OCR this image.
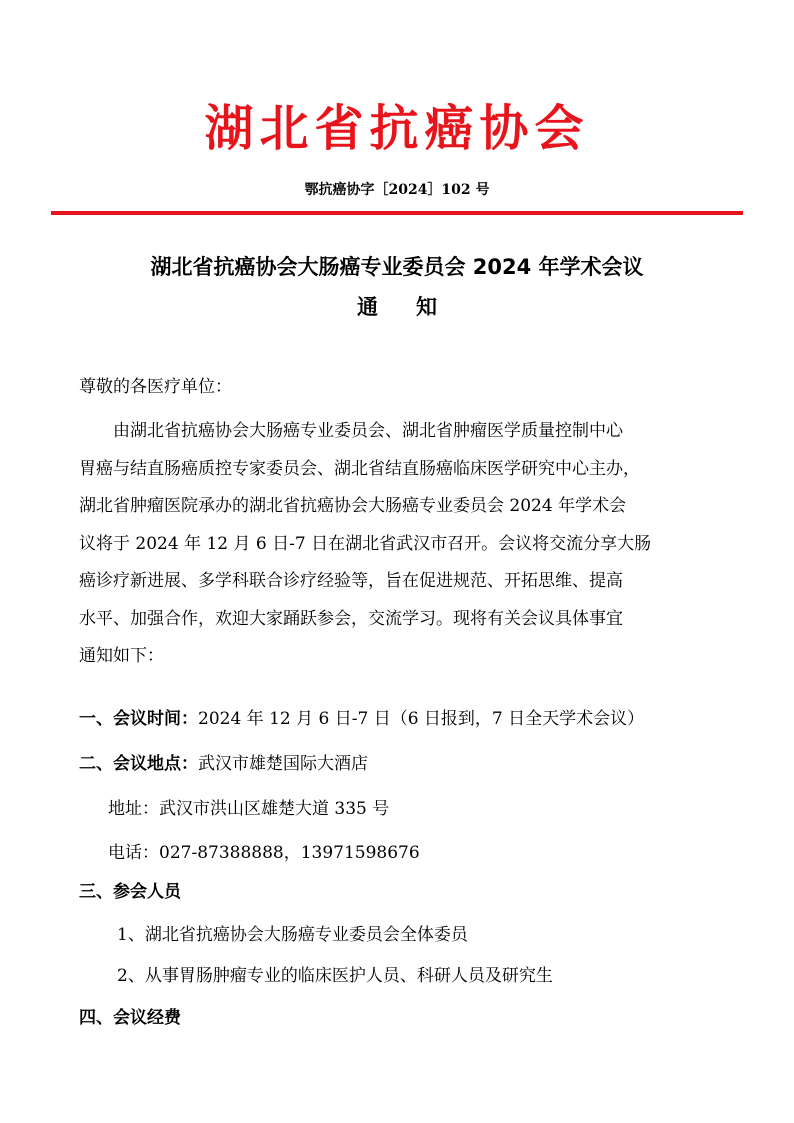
湖北省抗癌协会
鄂抗癌协字［2024］102 号
湖北省抗癌协会大肠癌专业委员会 2024 年学术会议
通知
尊敬的各医疗单位：
由湖北省抗癌协会大肠癌专业委员会、湖北省肿瘤医学质量控制中心
胃癌与结直肠癌质控专家委员会、湖北省结直肠癌临床医学研究中心主办，
湖北省肿瘤医院承办的湖北省抗癌协会大肠癌专业委员会 2024 年学术会
议将于 2024 年 12 月 6 日-7 日在湖北省武汉市召开。会议将交流分享大肠
癌诊疗新进展、多学科联合诊疗经验等，旨在促进规范、开拓思维、提高
水平、加强合作，欢迎大家踊跃参会，交流学习。现将有关会议具体事宜
通知如下：
一、会议时间：2024 年 12 月 6 日-7 日（6 日报到，7 日全天学术会议）
二、会议地点：武汉市雄楚国际大酒店
地址：武汉市洪山区雄楚大道 335 号
电话：027-87388888，13971598676
三、参会人员
1、湖北省抗癌协会大肠癌专业委员会全体委员
2、从事胃肠肿瘤专业的临床医护人员、科研人员及研究生
四、会议经费
